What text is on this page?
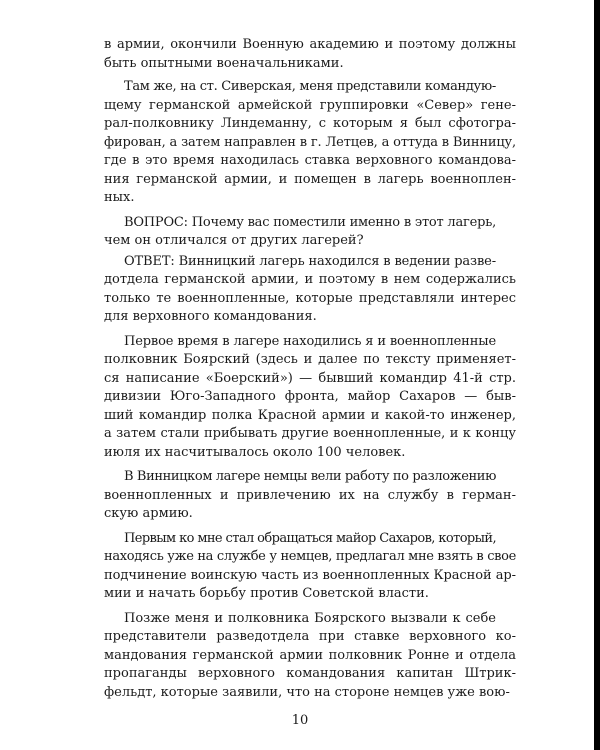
в армии, окончили Военную академию и поэтому должны
быть опытными военачальниками.

Там же, на ст. Сиверская, меня представили командую-
щему германской армейской группировки «Север» гене-
рал-полковнику Линдеманну, с которым я был сфотогра-
фирован, а затем направлен в г. Летцев, а оттуда в Винницу,
где в это время находилась ставка верховного командова-
ния германской армии, и помещен в лагерь военноплен-
ных.

ВОПРОС: Почему вас поместили именно в этот лагерь,
чем он отличался от других лагерей?

ОТВЕТ: Винницкий лагерь находился в ведении разве-
дотдела германской армии, и поэтому в нем содержались
только те военнопленные, которые представляли интерес
для верховного командования.

Первое время в лагере находились я и военнопленные
полковник Боярский (здесь и далее по тексту применяет-
ся написание «Боерский») — бывший командир 41-й стр.
дивизии Юго-Западного фронта, майор Сахаров — быв-
ший командир полка Красной армии и какой-то инженер,
а затем стали прибывать другие военнопленные, и к концу
июля их насчитывалось около 100 человек.

В Винницком лагере немцы вели работу по разложению
военнопленных и привлечению их на службу в герман-
скую армию.

Первым ко мне стал обращаться майор Сахаров, который,
находясь уже на службе у немцев, предлагал мне взять в свое
подчинение воинскую часть из военнопленных Красной ар-
мии и начать борьбу против Советской власти.

Позже меня и полковника Боярского вызвали к себе
представители разведотдела при ставке верховного ко-
мандования германской армии полковник Ронне и отдела
пропаганды верховного командования капитан Штрик-
фельдт, которые заявили, что на стороне немцев уже вою-

10
